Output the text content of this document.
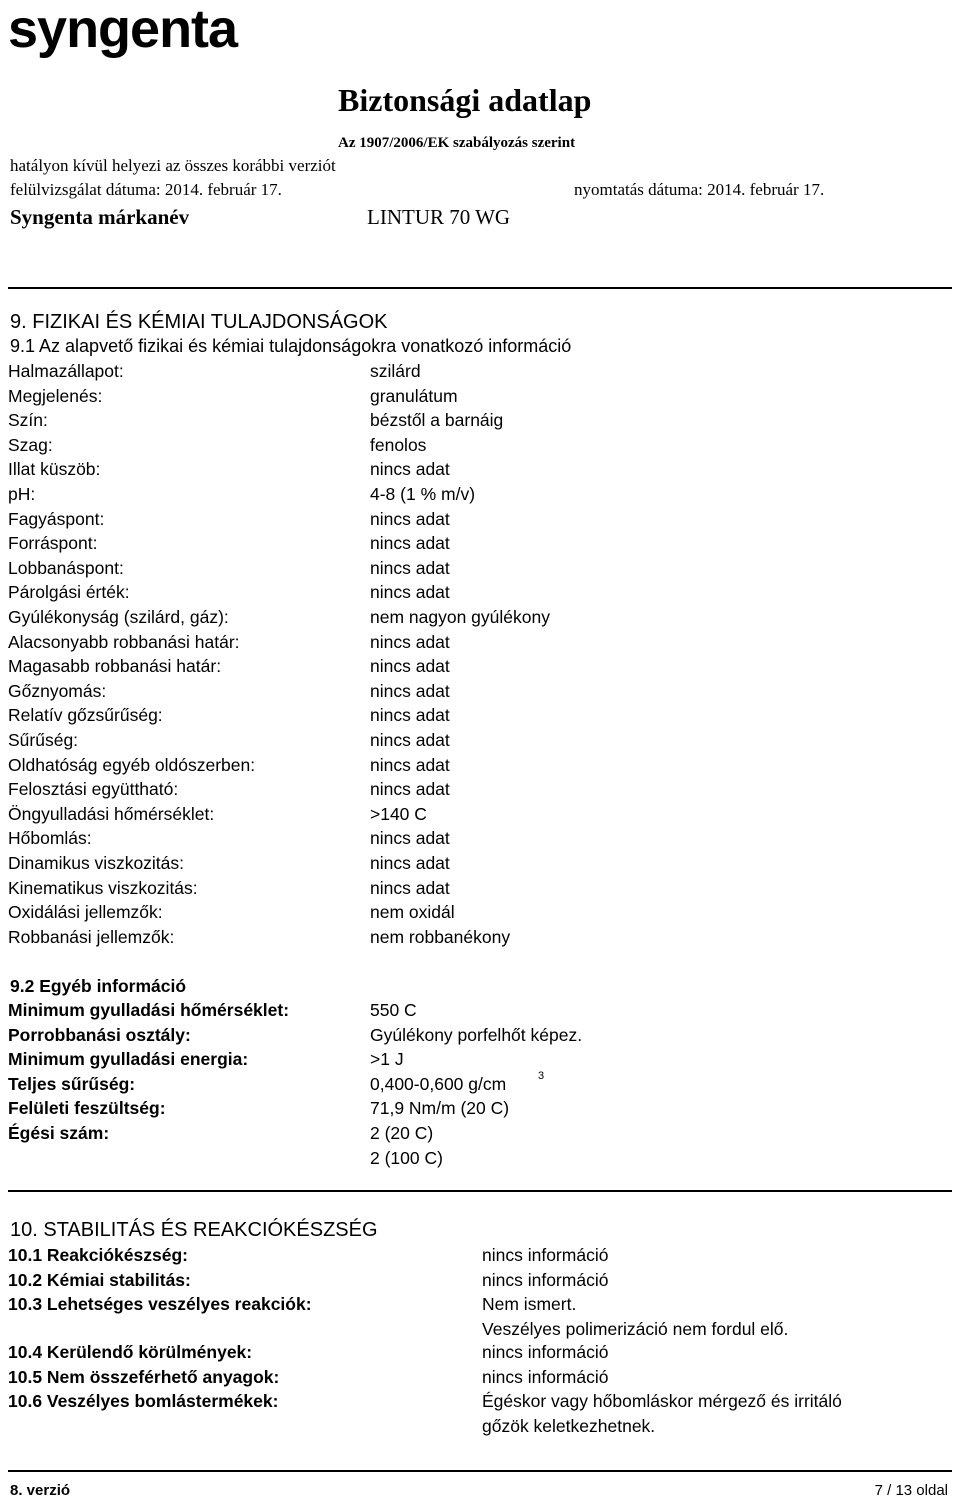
syngenta
Biztonsági adatlap
Az 1907/2006/EK szabályozás szerint
hatályon kívül helyezi az összes korábbi verziót
felülvizsgálat dátuma: 2014. február 17.	nyomtatás dátuma: 2014. február 17.
Syngenta márkanév	LINTUR 70 WG
9. FIZIKAI ÉS KÉMIAI TULAJDONSÁGOK
9.1 Az alapvető fizikai és kémiai tulajdonságokra vonatkozó információ
Halmazállapot:	szilárd
Megjelenés:	granulátum
Szín:	bézstől a barnáig
Szag:	fenolos
Illat küszöb:	nincs adat
pH:	4-8 (1 % m/v)
Fagyáspont:	nincs adat
Forráspont:	nincs adat
Lobbanáspont:	nincs adat
Párolgási érték:	nincs adat
Gyúlékonyság (szilárd, gáz):	nem nagyon gyúlékony
Alacsonyabb robbanási határ:	nincs adat
Magasabb robbanási határ:	nincs adat
Gőznyomás:	nincs adat
Relatív gőzsűrűség:	nincs adat
Sűrűség:	nincs adat
Oldhatóság egyéb oldószerben:	nincs adat
Felosztási együttható:	nincs adat
Öngyulladási hőmérséklet:	>140 C
Hőbomlás:	nincs adat
Dinamikus viszkozitás:	nincs adat
Kinematikus viszkozitás:	nincs adat
Oxidálási jellemzők:	nem oxidál
Robbanási jellemzők:	nem robbanékony
9.2 Egyéb információ
Minimum gyulladási hőmérséklet:	550 C
Porrobbanási osztály:	Gyúlékony porfelhőt képez.
Minimum gyulladási energia:	>1 J
Teljes sűrűség:	0,400-0,600 g/cm	3
Felületi feszültség:	71,9 Nm/m (20 C)
Égési szám:	2 (20 C)
2 (100 C)
10. STABILITÁS ÉS REAKCIÓKÉSZSÉG
10.1 Reakciókészség:	nincs információ
10.2 Kémiai stabilitás:	nincs információ
10.3 Lehetséges veszélyes reakciók:	Nem ismert.
Veszélyes polimerizáció nem fordul elő.
10.4 Kerülendő körülmények:	nincs információ
10.5 Nem összeférhető anyagok:	nincs információ
10.6 Veszélyes bomlástermékek:	Égéskor vagy hőbomláskor mérgező és irritáló
gőzök keletkezhetnek.
8. verzió	7 / 13 oldal
